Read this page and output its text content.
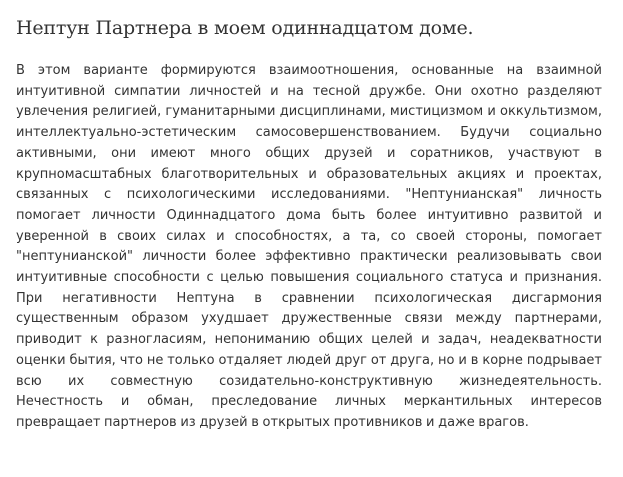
Нептун Партнера в моем одиннадцатом доме.

В этом варианте формируются взаимоотношения, основанные на взаимной интуитивной симпатии личностей и на тесной дружбе. Они охотно разделяют увлечения религией, гуманитарными дисциплинами, мистицизмом и оккультизмом, интеллектуально-эстетическим самосовершенствованием. Будучи социально активными, они имеют много общих друзей и соратников, участвуют в крупномасштабных благотворительных и образовательных акциях и проектах, связанных с психологическими исследованиями. "Нептунианская" личность помогает личности Одиннадцатого дома быть более интуитивно развитой и уверенной в своих силах и способностях, а та, со своей стороны, помогает "нептунианской" личности более эффективно практически реализовывать свои интуитивные способности с целью повышения социального статуса и признания. При негативности Нептуна в сравнении психологическая дисгармония существенным образом ухудшает дружественные связи между партнерами, приводит к разногласиям, непониманию общих целей и задач, неадекватности оценки бытия, что не только отдаляет людей друг от друга, но и в корне подрывает всю их совместную созидательно-конструктивную жизнедеятельность. Нечестность и обман, преследование личных меркантильных интересов превращает партнеров из друзей в открытых противников и даже врагов.
